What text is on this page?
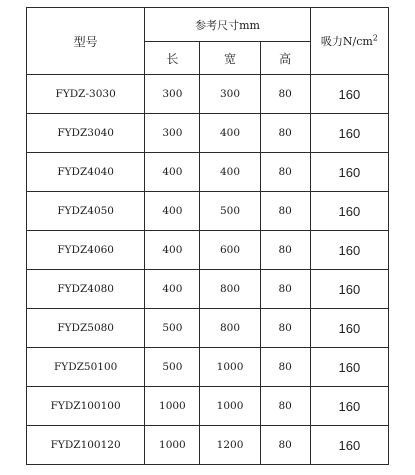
型号	参考尺寸mm			吸力$N/cm^2$
	长	宽	高	
FYDZ-3030	300	300	80	160
FYDZ3040	300	400	80	160
FYDZ4040	400	400	80	160
FYDZ4050	400	500	80	160
FYDZ4060	400	600	80	160
FYDZ4080	400	800	80	160
FYDZ5080	500	800	80	160
FYDZ50100	500	1000	80	160
FYDZ100100	1000	1000	80	160
FYDZ100120	1000	1200	80	160
